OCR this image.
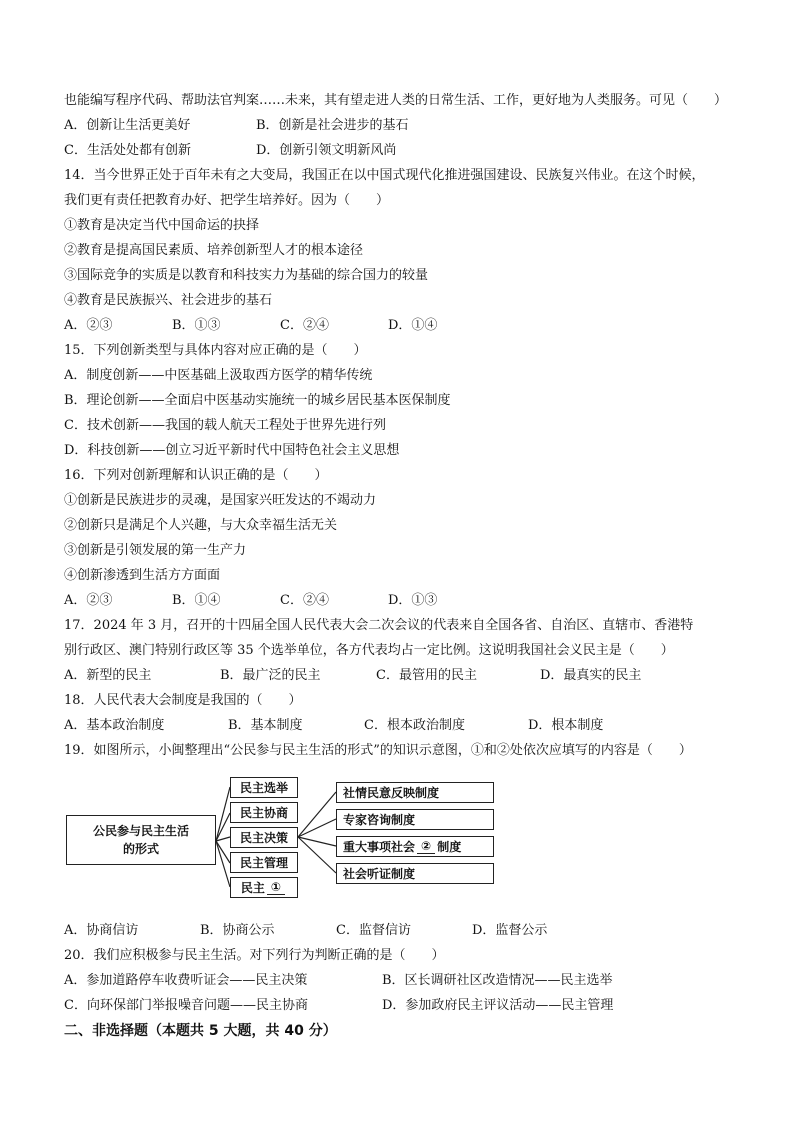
也能编写程序代码、帮助法官判案……未来，其有望走进人类的日常生活、工作，更好地为人类服务。可见（　　）
A．创新让生活更美好	B．创新是社会进步的基石
C．生活处处都有创新	D．创新引领文明新风尚
14．当今世界正处于百年未有之大变局，我国正在以中国式现代化推进强国建设、民族复兴伟业。在这个时候，
我们更有责任把教育办好、把学生培养好。因为（　　）
①教育是决定当代中国命运的抉择
②教育是提高国民素质、培养创新型人才的根本途径
③国际竞争的实质是以教育和科技实力为基础的综合国力的较量
④教育是民族振兴、社会进步的基石
A．②③	B．①③	C．②④	D．①④
15．下列创新类型与具体内容对应正确的是（　　）
A．制度创新——中医基础上汲取西方医学的精华传统
B．理论创新——全面启中医基动实施统一的城乡居民基本医保制度
C．技术创新——我国的载人航天工程处于世界先进行列
D．科技创新——创立习近平新时代中国特色社会主义思想
16．下列对创新理解和认识正确的是（　　）
①创新是民族进步的灵魂，是国家兴旺发达的不竭动力
②创新只是满足个人兴趣，与大众幸福生活无关
③创新是引领发展的第一生产力
④创新渗透到生活方方面面
A．②③	B．①④	C．②④	D．①③
17．2024 年 3 月，召开的十四届全国人民代表大会二次会议的代表来自全国各省、自治区、直辖市、香港特
别行政区、澳门特别行政区等 35 个选举单位，各方代表均占一定比例。这说明我国社会义民主是（　　）
A．新型的民主	B．最广泛的民主	C．最管用的民主	D．最真实的民主
18．人民代表大会制度是我国的（　　）
A．基本政治制度	B．基本制度	C．根本政治制度	D．根本制度
19．如图所示，小闽整理出“公民参与民主生活的形式”的知识示意图，①和②处依次应填写的内容是（　　）
公民参与民主生活
的形式
民主选举
民主协商
民主决策
民主管理
民主 ①
社情民意反映制度
专家咨询制度
重大事项社会 ② 制度
社会听证制度
A．协商信访	B．协商公示	C．监督信访	D．监督公示
20．我们应积极参与民主生活。对下列行为判断正确的是（　　）
A．参加道路停车收费听证会——民主决策	B．区长调研社区改造情况——民主选举
C．向环保部门举报噪音问题——民主协商	D．参加政府民主评议活动——民主管理
二、非选择题（本题共 5 大题，共 40 分）
